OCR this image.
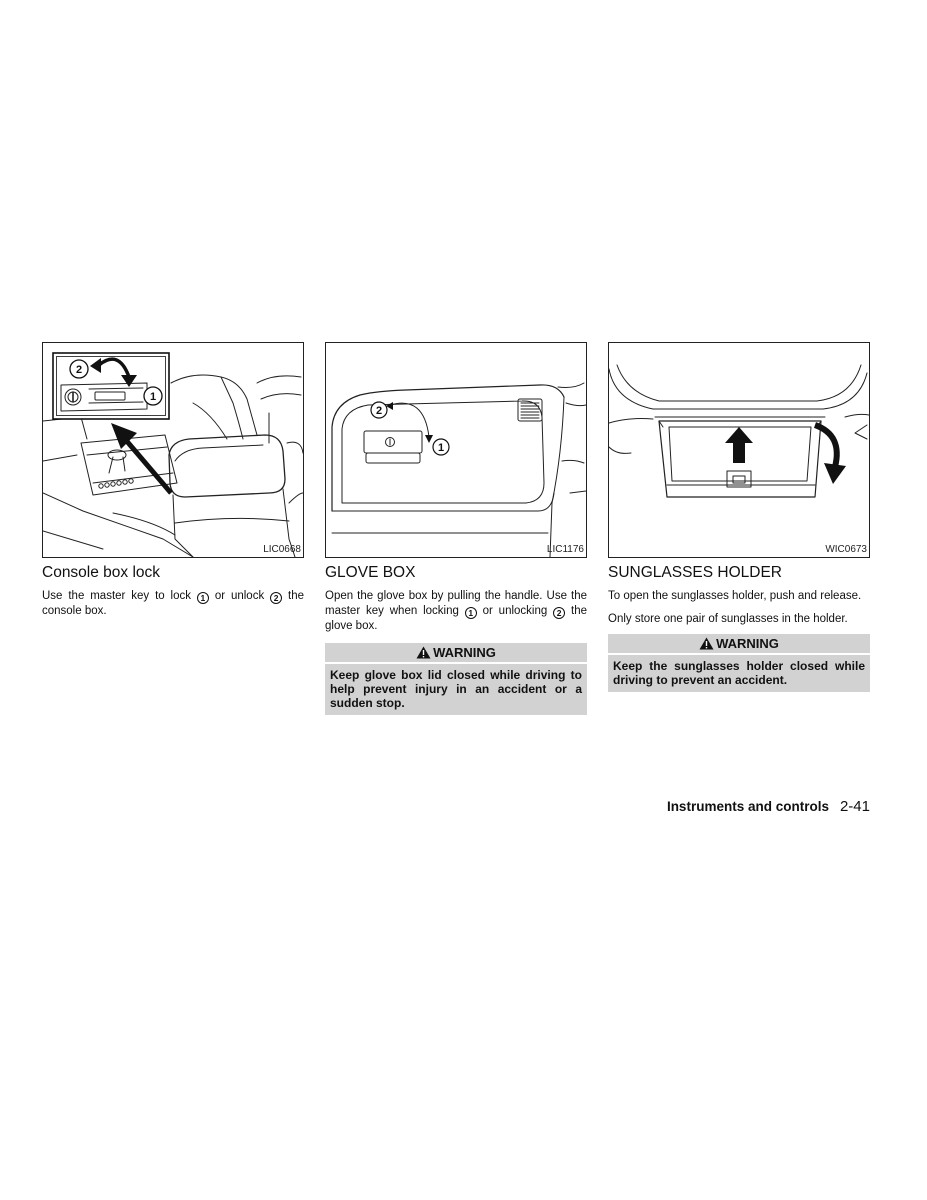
2
1
LIC0668
Console box lock

Use the master key to lock 1 or unlock 2 the console box.

2
1
LIC1176
GLOVE BOX

Open the glove box by pulling the handle. Use the master key when locking 1 or unlocking 2 the glove box.

WARNING
Keep glove box lid closed while driving to help prevent injury in an accident or a sudden stop.
WIC0673
SUNGLASSES HOLDER

To open the sunglasses holder, push and release.

Only store one pair of sunglasses in the holder.

WARNING
Keep the sunglasses holder closed while driving to prevent an accident.
Instruments and controls 2-41
